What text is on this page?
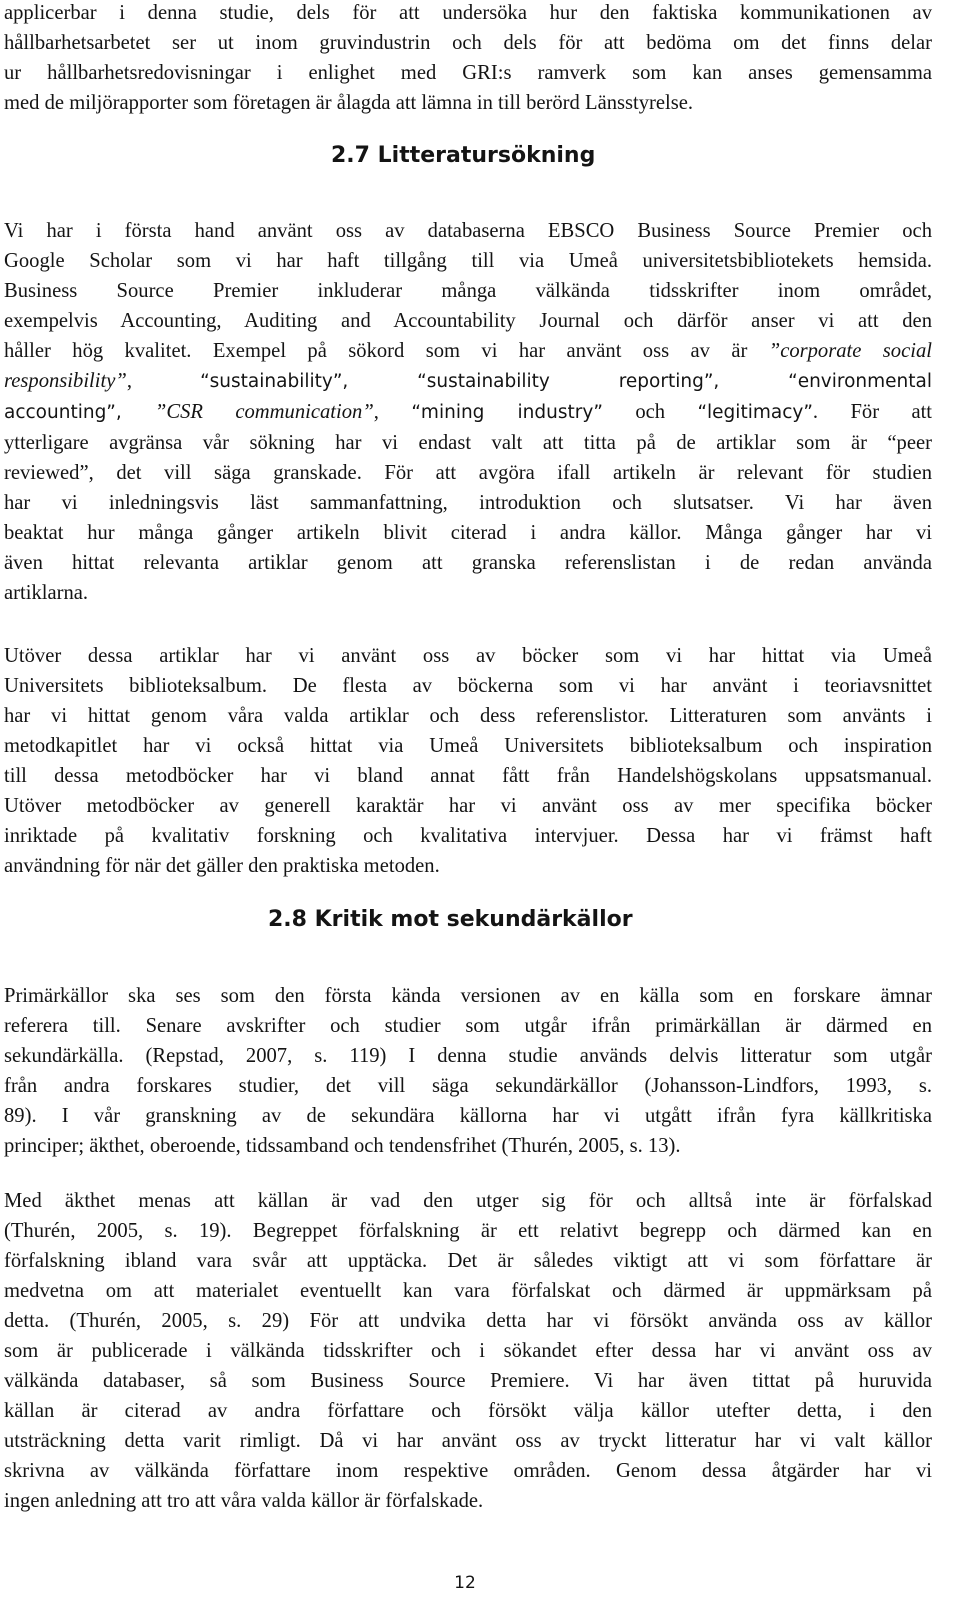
applicerbar i denna studie, dels för att undersöka hur den faktiska kommunikationen av
hållbarhetsarbetet ser ut inom gruvindustrin och dels för att bedöma om det finns delar
ur hållbarhetsredovisningar i enlighet med GRI:s ramverk som kan anses gemensamma
med de miljörapporter som företagen är ålagda att lämna in till berörd Länsstyrelse.
2.7 Litteratursökning
Vi har i första hand använt oss av databaserna EBSCO Business Source Premier och
Google Scholar som vi har haft tillgång till via Umeå universitetsbibliotekets hemsida.
Business Source Premier inkluderar många välkända tidsskrifter inom området,
exempelvis Accounting, Auditing and Accountability Journal och därför anser vi att den
håller hög kvalitet. Exempel på sökord som vi har använt oss av är ”corporate social
responsibility”, “sustainability”, “sustainability reporting”, “environmental
accounting”, ”CSR communication”, “mining industry” och “legitimacy”. För att
ytterligare avgränsa vår sökning har vi endast valt att titta på de artiklar som är “peer
reviewed”, det vill säga granskade. För att avgöra ifall artikeln är relevant för studien
har vi inledningsvis läst sammanfattning, introduktion och slutsatser. Vi har även
beaktat hur många gånger artikeln blivit citerad i andra källor. Många gånger har vi
även hittat relevanta artiklar genom att granska referenslistan i de redan använda
artiklarna.
Utöver dessa artiklar har vi använt oss av böcker som vi har hittat via Umeå
Universitets biblioteksalbum. De flesta av böckerna som vi har använt i teoriavsnittet
har vi hittat genom våra valda artiklar och dess referenslistor. Litteraturen som använts i
metodkapitlet har vi också hittat via Umeå Universitets biblioteksalbum och inspiration
till dessa metodböcker har vi bland annat fått från Handelshögskolans uppsatsmanual.
Utöver metodböcker av generell karaktär har vi använt oss av mer specifika böcker
inriktade på kvalitativ forskning och kvalitativa intervjuer. Dessa har vi främst haft
användning för när det gäller den praktiska metoden.
2.8 Kritik mot sekundärkällor
Primärkällor ska ses som den första kända versionen av en källa som en forskare ämnar
referera till. Senare avskrifter och studier som utgår ifrån primärkällan är därmed en
sekundärkälla. (Repstad, 2007, s. 119) I denna studie används delvis litteratur som utgår
från andra forskares studier, det vill säga sekundärkällor (Johansson-Lindfors, 1993, s.
89). I vår granskning av de sekundära källorna har vi utgått ifrån fyra källkritiska
principer; äkthet, oberoende, tidssamband och tendensfrihet (Thurén, 2005, s. 13).
Med äkthet menas att källan är vad den utger sig för och alltså inte är förfalskad
(Thurén, 2005, s. 19). Begreppet förfalskning är ett relativt begrepp och därmed kan en
förfalskning ibland vara svår att upptäcka. Det är således viktigt att vi som författare är
medvetna om att materialet eventuellt kan vara förfalskat och därmed är uppmärksam på
detta. (Thurén, 2005, s. 29) För att undvika detta har vi försökt använda oss av källor
som är publicerade i välkända tidsskrifter och i sökandet efter dessa har vi använt oss av
välkända databaser, så som Business Source Premiere. Vi har även tittat på huruvida
källan är citerad av andra författare och försökt välja källor utefter detta, i den
utsträckning detta varit rimligt. Då vi har använt oss av tryckt litteratur har vi valt källor
skrivna av välkända författare inom respektive områden. Genom dessa åtgärder har vi
ingen anledning att tro att våra valda källor är förfalskade.
12
